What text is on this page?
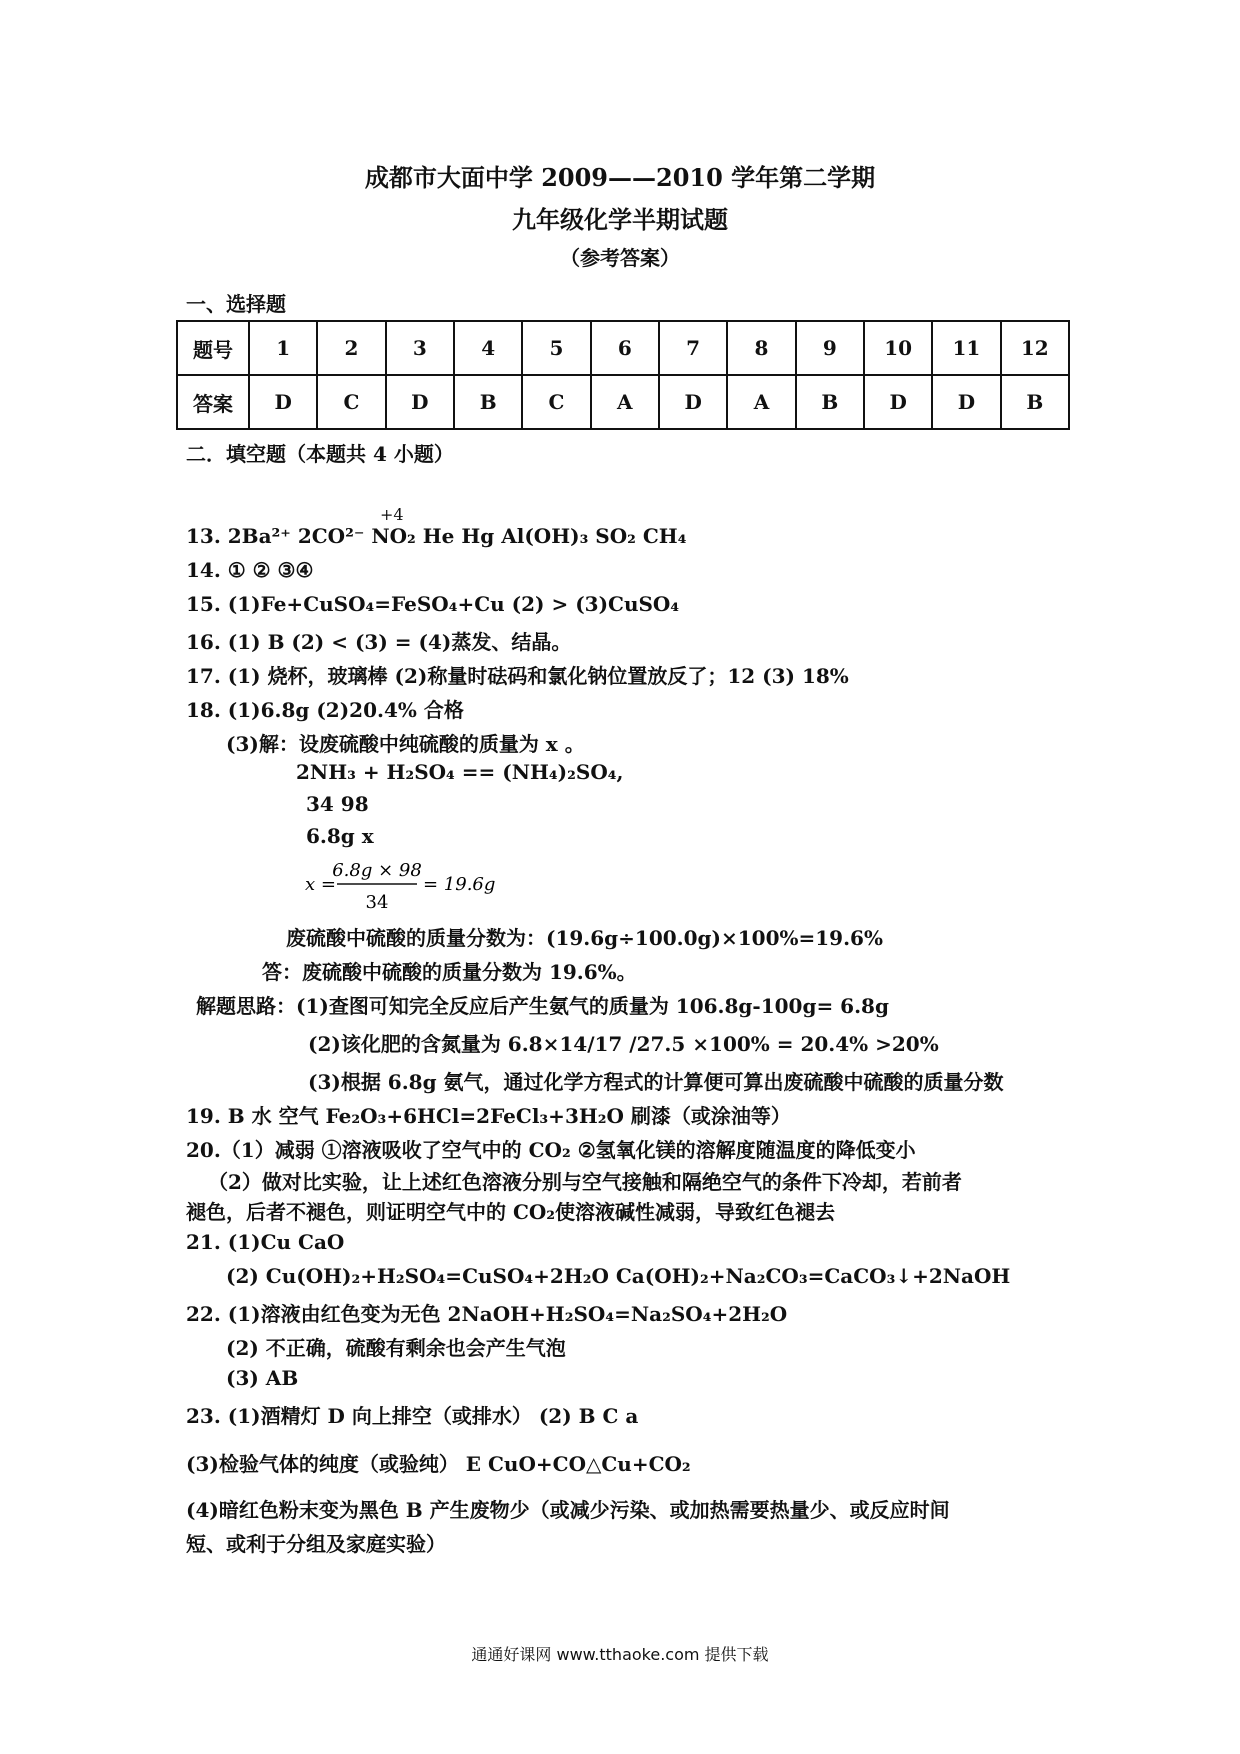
成都市大面中学 2009——2010 学年第二学期
九年级化学半期试题
（参考答案）
一、选择题
题号	1	2	3	4	5	6	7	8	9	10	11	12
答案	D	C	D	B	C	A	D	A	B	D	D	B
二．填空题（本题共 4 小题）
+4
13. 2Ba²⁺ 2CO²⁻ NO₂ He Hg Al(OH)₃ SO₂ CH₄
14. ① ② ③④
15. (1)Fe+CuSO₄=FeSO₄+Cu (2) > (3)CuSO₄
16. (1) B (2) < (3) = (4)蒸发、结晶。
17. (1) 烧杯，玻璃棒 (2)称量时砝码和氯化钠位置放反了；12 (3) 18%
18. (1)6.8g (2)20.4% 合格
(3)解：设废硫酸中纯硫酸的质量为 x 。
2NH₃ + H₂SO₄ == (NH₄)₂SO₄,
34 98
6.8g x
x =
6.8g × 98
34
= 19.6g
废硫酸中硫酸的质量分数为：(19.6g÷100.0g)×100%=19.6%
答：废硫酸中硫酸的质量分数为 19.6%。
解题思路：(1)查图可知完全反应后产生氨气的质量为 106.8g-100g= 6.8g
(2)该化肥的含氮量为 6.8×14/17 /27.5 ×100% = 20.4% >20%
(3)根据 6.8g 氨气，通过化学方程式的计算便可算出废硫酸中硫酸的质量分数
19. B 水 空气 Fe₂O₃+6HCl=2FeCl₃+3H₂O 刷漆（或涂油等）
20.（1）减弱 ①溶液吸收了空气中的 CO₂ ②氢氧化镁的溶解度随温度的降低变小
（2）做对比实验，让上述红色溶液分别与空气接触和隔绝空气的条件下冷却，若前者
褪色，后者不褪色，则证明空气中的 CO₂使溶液碱性减弱，导致红色褪去
21. (1)Cu CaO
(2) Cu(OH)₂+H₂SO₄=CuSO₄+2H₂O Ca(OH)₂+Na₂CO₃=CaCO₃↓+2NaOH
22. (1)溶液由红色变为无色 2NaOH+H₂SO₄=Na₂SO₄+2H₂O
(2) 不正确，硫酸有剩余也会产生气泡
(3) AB
23. (1)酒精灯 D 向上排空（或排水） (2) B C a
(3)检验气体的纯度（或验纯） E CuO+CO△Cu+CO₂
(4)暗红色粉末变为黑色 B 产生废物少（或减少污染、或加热需要热量少、或反应时间
短、或利于分组及家庭实验）
通通好课网 www.tthaoke.com 提供下载
